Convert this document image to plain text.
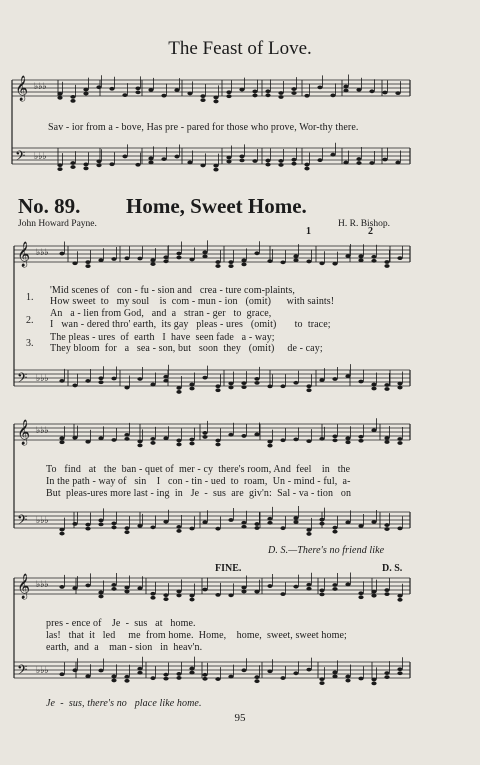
𝄞
𝄢
♭♭♭
♭♭♭
𝄞
𝄢
♭♭♭
♭♭♭
𝄞
𝄢
♭♭♭
♭♭♭
𝄞
𝄢
♭♭♭
♭♭♭
The Feast of Love.
Sav - ior from a - bove, Has pre - pared for those who prove, Wor-thy there.
No. 89. Home, Sweet Home.
John Howard Payne.	H. R. Bishop.
1	2
1.
'Mid scenes of   con - fu - sion and   crea - ture com-plaints,
How sweet  to   my soul    is  com - mun - ion   (omit)      with saints!
2.
An   a - lien from God,   and  a   stran - ger   to  grace,
I   wan - dered thro' earth,  its gay   pleas - ures   (omit)       to  trace;
3.
The pleas - ures  of  earth   I  have  seen fade   a - way;
They bloom  for   a   sea - son, but   soon  they   (omit)     de - cay;
To   find   at   the  ban - quet of  mer - cy  there's room, And  feel    in   the
In the path - way of   sin    I   con - tin - ued  to  roam,  Un - mind - ful,  a-
But  pleas-ures more last - ing  in   Je  -  sus  are  giv'n:  Sal - va - tion   on
D. S.—There's no friend like
FINE.	D. S.
pres - ence of    Je  -  sus   at   home.
las!   that  it   led     me  from home.  Home,    home,  sweet, sweet home;
earth,  and  a    man - sion   in  heav'n.
Je  -  sus, there's no   place like home.
95
